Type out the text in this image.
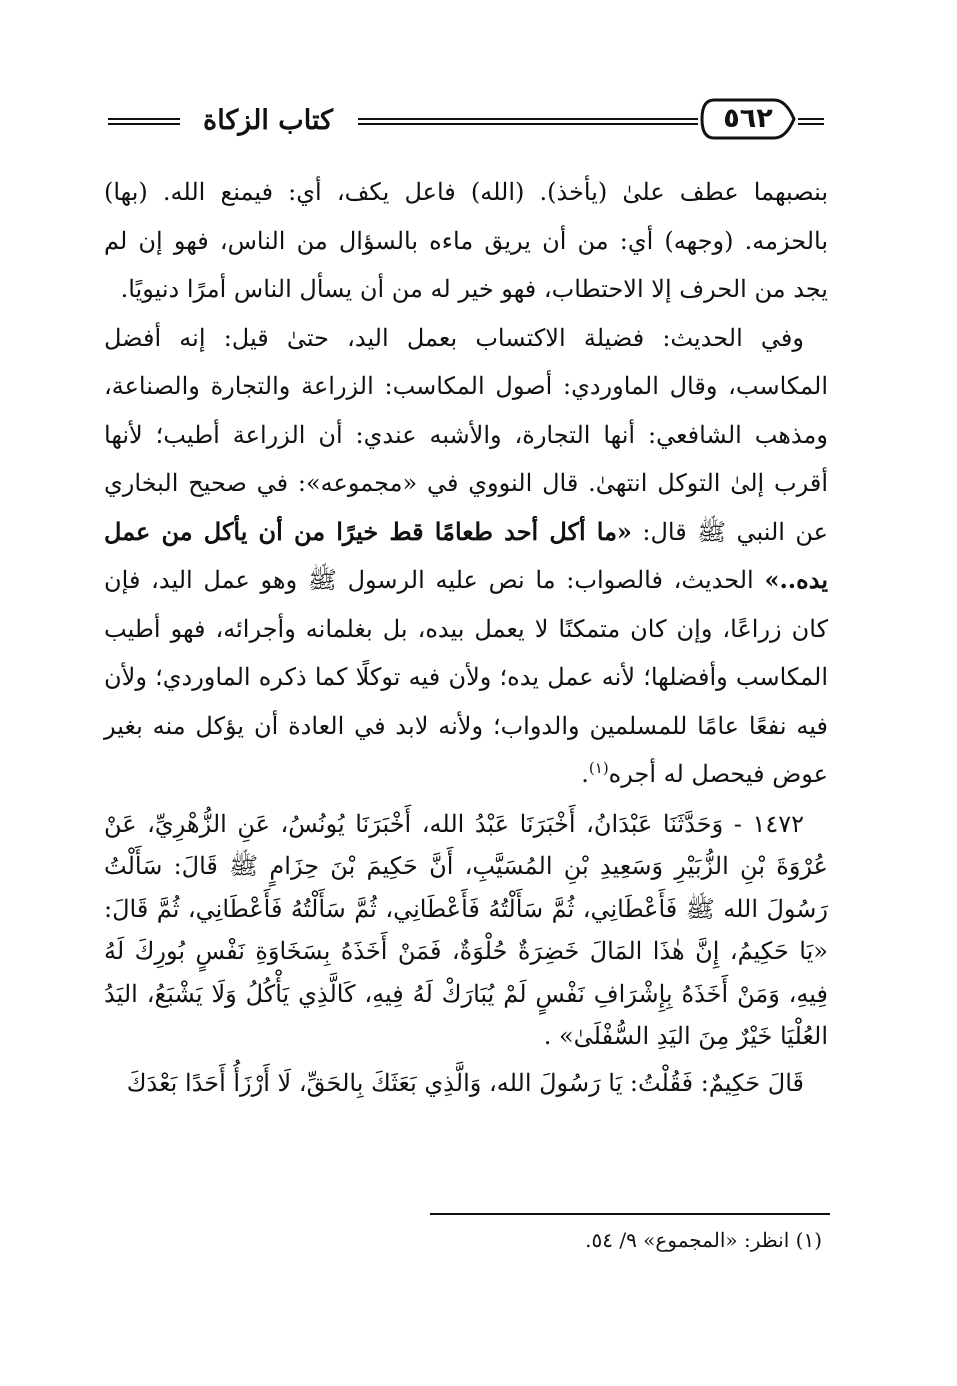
كتاب الزكاة	٥٦٢

بنصبهما عطف علىٰ (يأخذ). (الله) فاعل يكف، أي: فيمنع الله. (بها) بالحزمه. (وجهه) أي: من أن يريق ماءه بالسؤال من الناس، فهو إن لم يجد من الحرف إلا الاحتطاب، فهو خير له من أن يسأل الناس أمرًا دنيويًا.

وفي الحديث: فضيلة الاكتساب بعمل اليد، حتىٰ قيل: إنه أفضل المكاسب، وقال الماوردي: أصول المكاسب: الزراعة والتجارة والصناعة، ومذهب الشافعي: أنها التجارة، والأشبه عندي: أن الزراعة أطيب؛ لأنها أقرب إلىٰ التوكل انتهىٰ. قال النووي في «مجموعه»: في صحيح البخاري عن النبي ﷺ قال: «ما أكل أحد طعامًا قط خيرًا من أن يأكل من عمل يده..» الحديث، فالصواب: ما نص عليه الرسول ﷺ وهو عمل اليد، فإن كان زراعًا، وإن كان متمكنًا لا يعمل بيده، بل بغلمانه وأجرائه، فهو أطيب المكاسب وأفضلها؛ لأنه عمل يده؛ ولأن فيه توكلًا كما ذكره الماوردي؛ ولأن فيه نفعًا عامًا للمسلمين والدواب؛ ولأنه لابد في العادة أن يؤكل منه بغير عوض فيحصل له أجره$^{(١)}$.

١٤٧٢ - وَحَدَّثَنَا عَبْدَانُ، أَخْبَرَنَا عَبْدُ الله، أَخْبَرَنَا يُونُسُ، عَنِ الزُّهْرِيِّ، عَنْ عُرْوَةَ بْنِ الزُّبَيْرِ وَسَعِيدِ بْنِ المُسَيَّبِ، أَنَّ حَكِيمَ بْنَ حِزَامٍ ﷺ قَالَ: سَأَلْتُ رَسُولَ الله ﷺ فَأَعْطَانِي، ثُمَّ سَأَلْتُهُ فَأَعْطَانِي، ثُمَّ سَأَلْتُهُ فَأَعْطَانِي، ثُمَّ قَالَ: «يَا حَكِيمُ، إِنَّ هٰذَا المَالَ خَضِرَةٌ حُلْوَةٌ، فَمَنْ أَخَذَهُ بِسَخَاوَةِ نَفْسٍ بُورِكَ لَهُ فِيهِ، وَمَنْ أَخَذَهُ بِإِشْرَافِ نَفْسٍ لَمْ يُبَارَكْ لَهُ فِيهِ، كَالَّذِي يَأْكُلُ وَلَا يَشْبَعُ، اليَدُ العُلْيَا خَيْرٌ مِنَ اليَدِ السُّفْلَىٰ» .

قَالَ حَكِيمٌ: فَقُلْتُ: يَا رَسُولَ الله، وَالَّذِي بَعَثَكَ بِالحَقِّ، لَا أَرْزَأُ أَحَدًا بَعْدَكَ

(١) انظر: «المجموع» ٩/ ٥٤.
